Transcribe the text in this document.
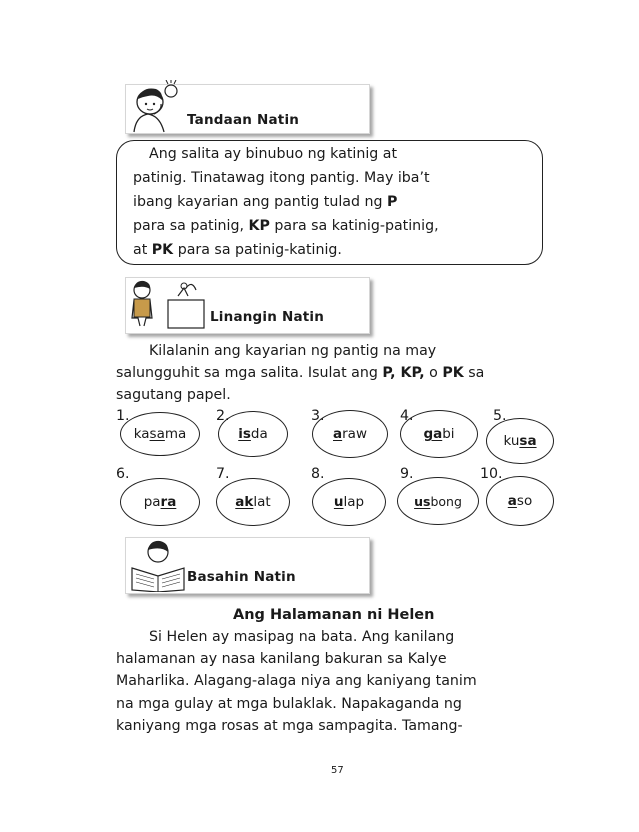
Tandaan Natin
Ang salita ay binubuo ng katinig at
patinig. Tinatawag itong pantig. May iba’t
ibang kayarian ang pantig tulad ng P
para sa patinig, KP para sa katinig-patinig,
at PK para sa patinig-katinig.
Linangin Natin
Kilalanin ang kayarian ng pantig na may
salungguhit sa mga salita. Isulat ang P, KP, o PK sa
sagutang papel.
1.	2.	3.	4.	5.
ka sa ma	is da	a raw	ga bi	ku sa
6.	7.	8.	9.	10.
pa ra	ak lat	u lap	us bong	a so
Basahin Natin
Ang Halamanan ni Helen
Si Helen ay masipag na bata. Ang kanilang
halamanan ay nasa kanilang bakuran sa Kalye
Maharlika. Alagang-alaga niya ang kaniyang tanim
na mga gulay at mga bulaklak. Napakaganda ng
kaniyang mga rosas at mga sampagita. Tamang-
57
